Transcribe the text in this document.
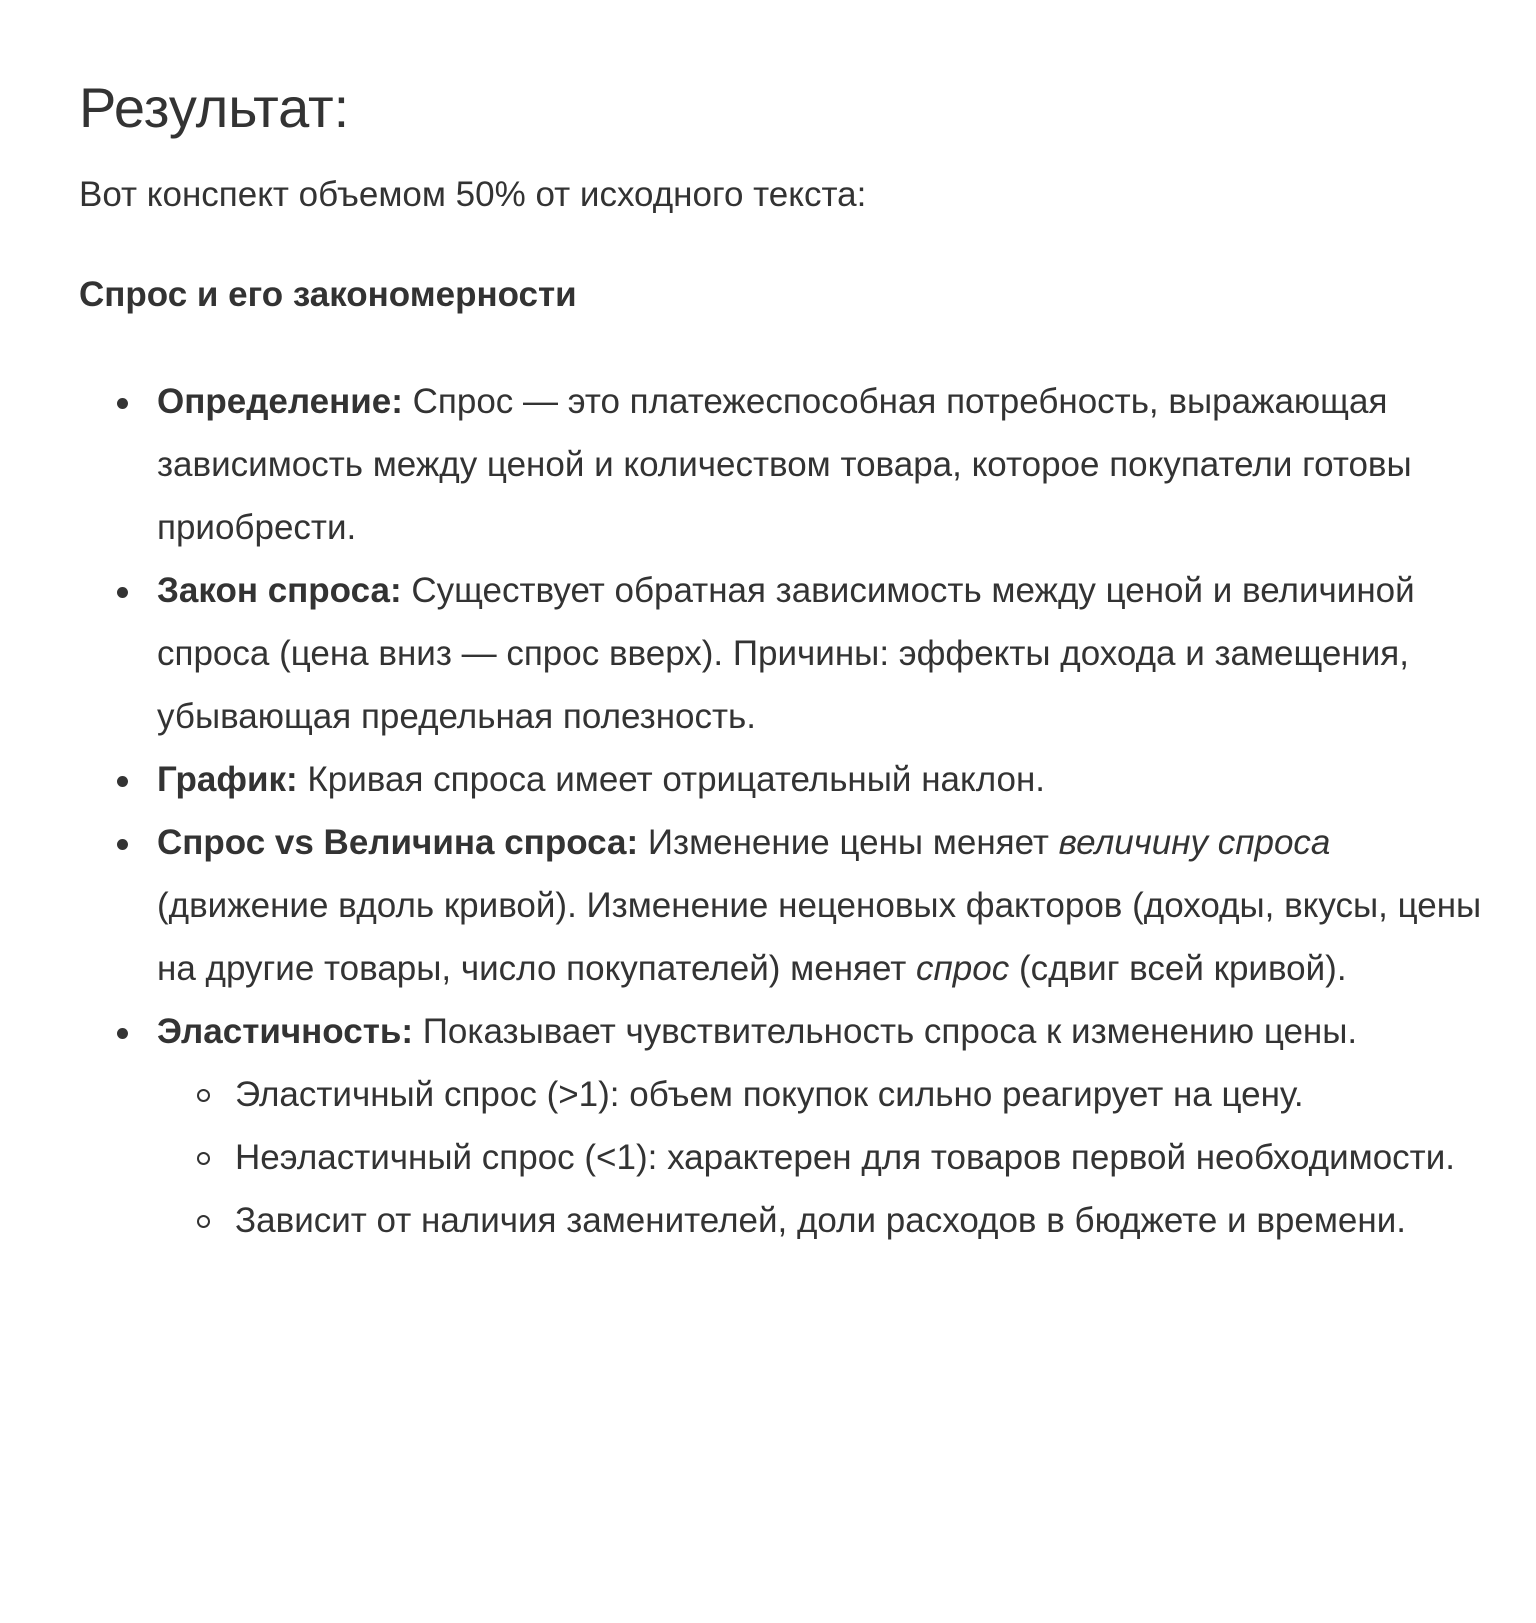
Результат:

Вот конспект объемом 50% от исходного текста:

Спрос и его закономерности
Определение: Спрос — это платежеспособная потребность, выражающая зависимость между ценой и количеством товара, которое покупатели готовы приобрести.
Закон спроса: Существует обратная зависимость между ценой и величиной спроса (цена вниз — спрос вверх). Причины: эффекты дохода и замещения, убывающая предельная полезность.
График: Кривая спроса имеет отрицательный наклон.
Спрос vs Величина спроса: Изменение цены меняет величину спроса (движение вдоль кривой). Изменение неценовых факторов (доходы, вкусы, цены на другие товары, число покупателей) меняет спрос (сдвиг всей кривой).
Эластичность: Показывает чувствительность спроса к изменению цены.
Эластичный спрос (>1): объем покупок сильно реагирует на цену.
Неэластичный спрос (<1): характерен для товаров первой необходимости.
Зависит от наличия заменителей, доли расходов в бюджете и времени.
